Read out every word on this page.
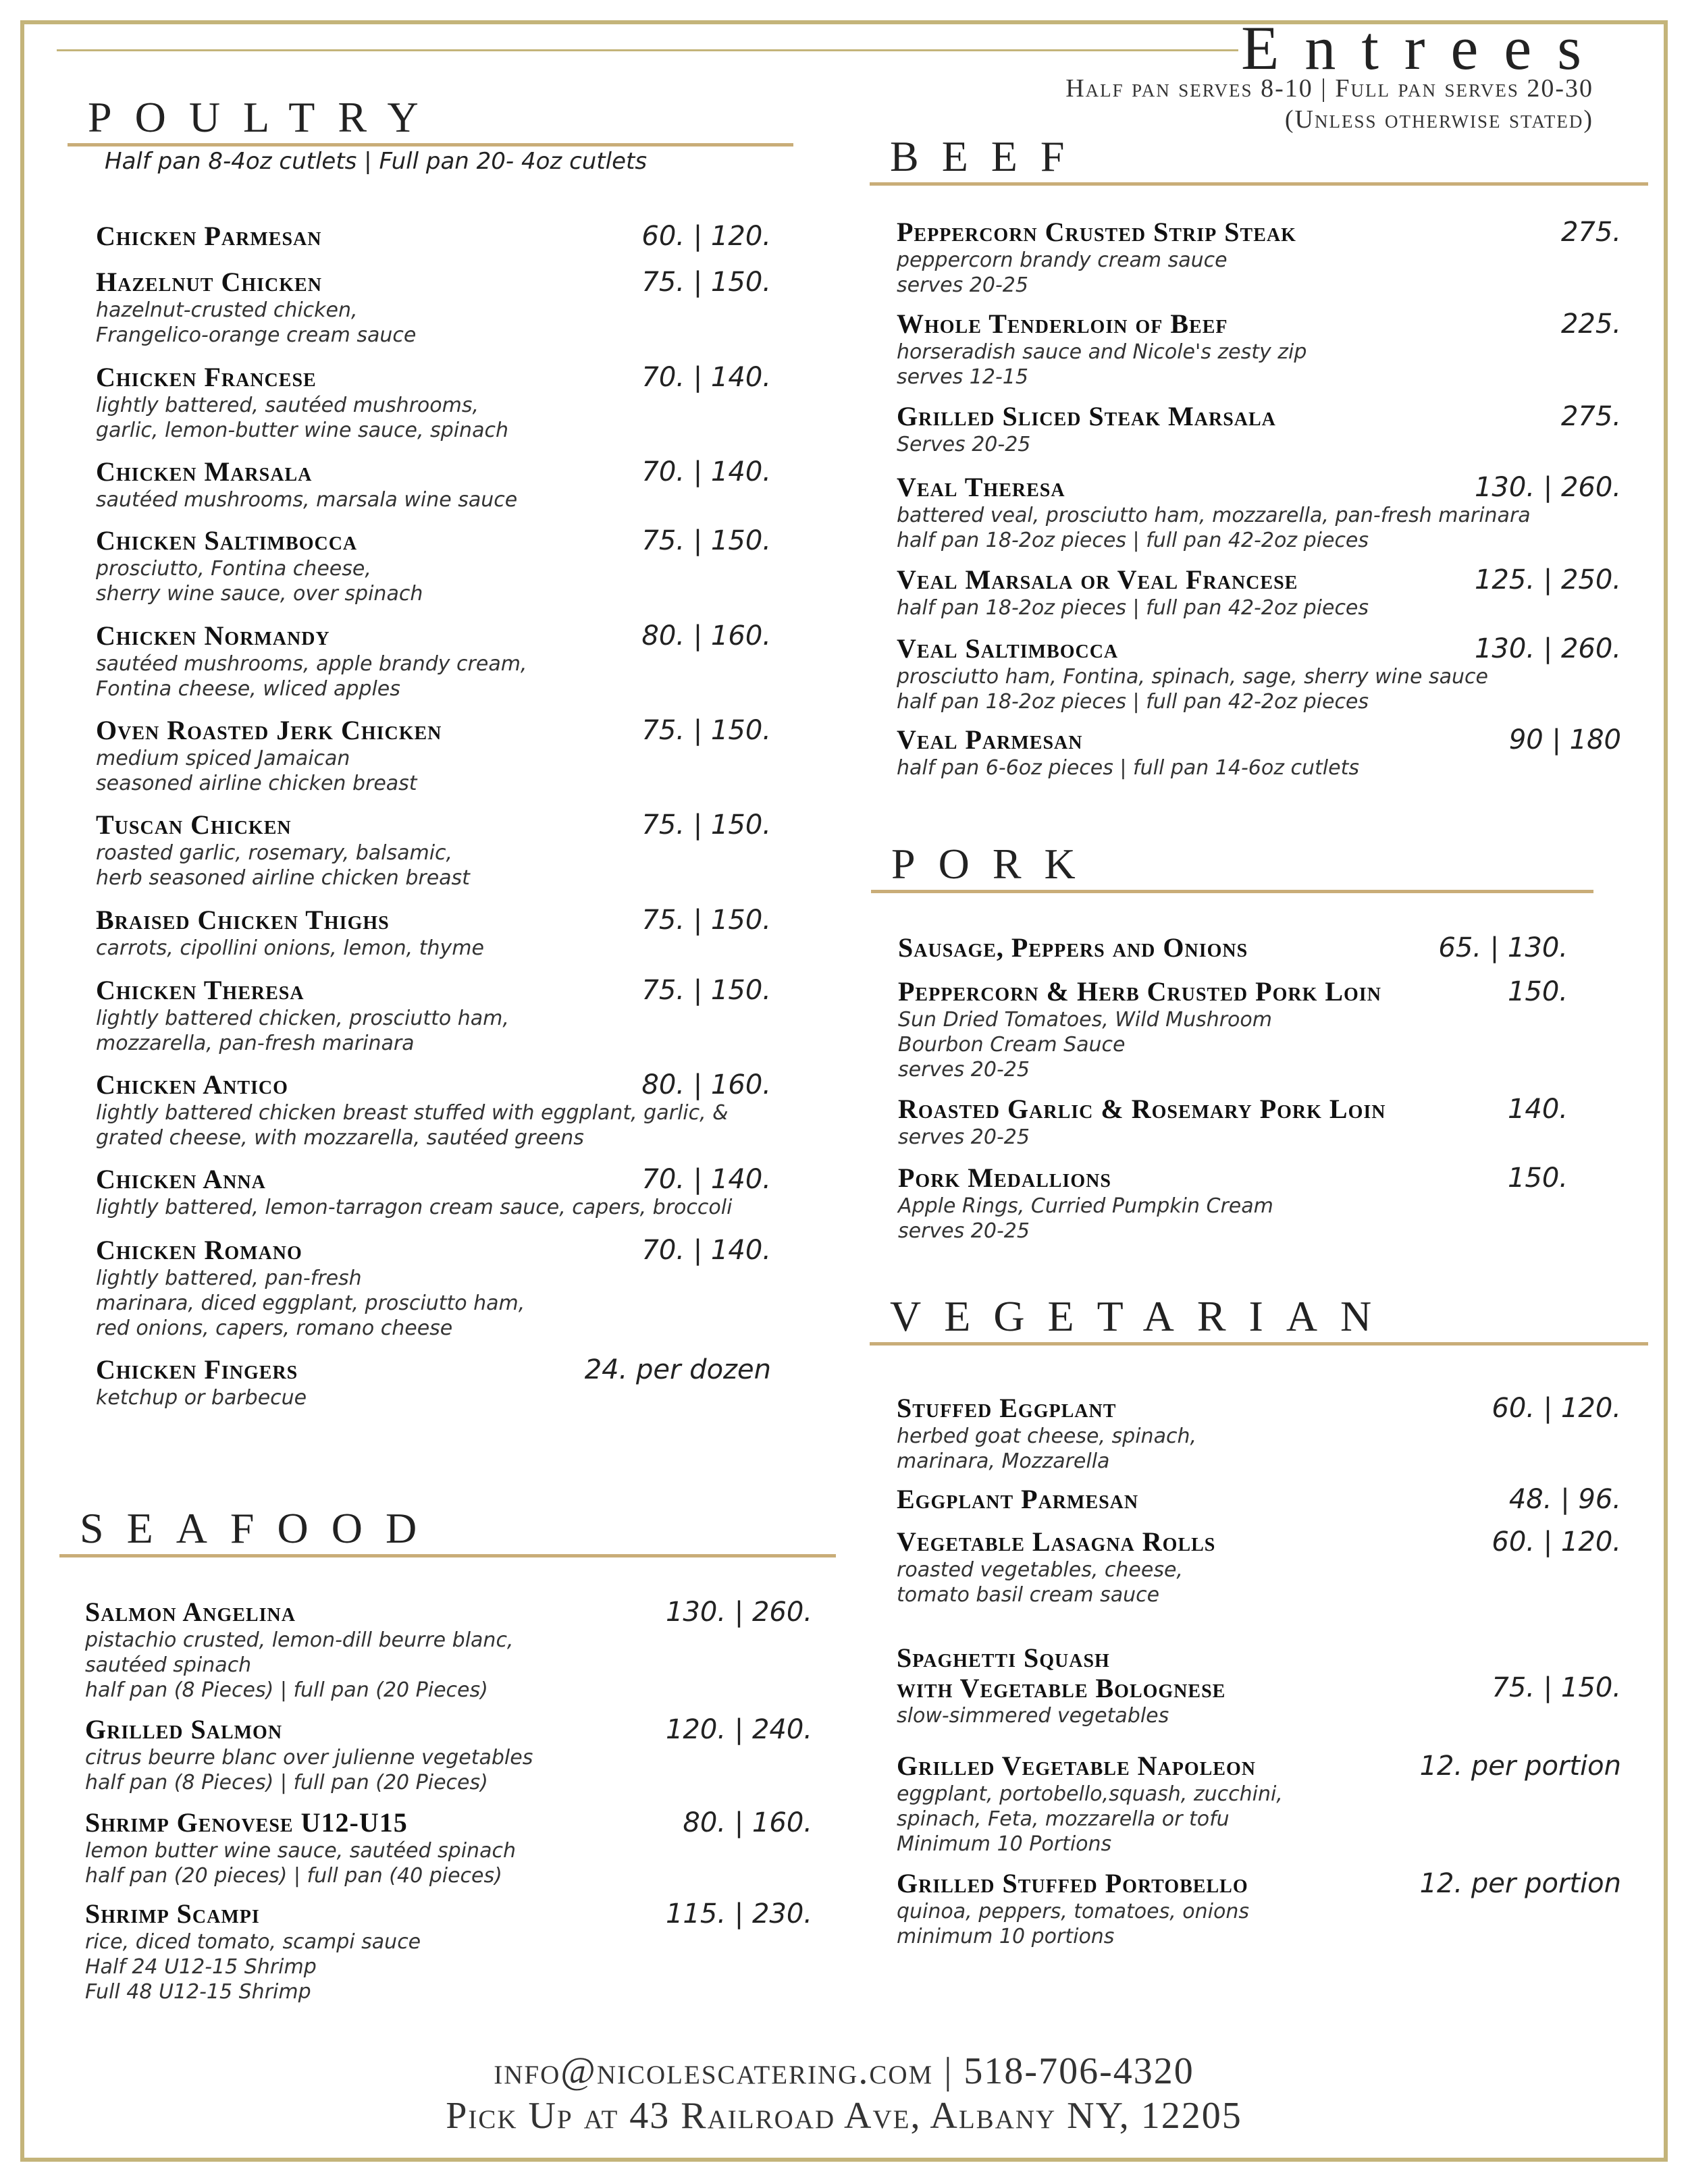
Entrees
Half pan serves 8-10 | Full pan serves 20-30
(Unless otherwise stated)
POULTRY
Half pan 8-4oz cutlets | Full pan 20- 4oz cutlets
Chicken Parmesan	60. | 120.
Hazelnut Chicken	75. | 150.
hazelnut-crusted chicken,
Frangelico-orange cream sauce
Chicken Francese	70. | 140.
lightly battered, sautéed mushrooms,
garlic, lemon-butter wine sauce, spinach
Chicken Marsala	70. | 140.
sautéed mushrooms, marsala wine sauce
Chicken Saltimbocca	75. | 150.
prosciutto, Fontina cheese,
sherry wine sauce, over spinach
Chicken Normandy	80. | 160.
sautéed mushrooms, apple brandy cream,
Fontina cheese, wliced apples
Oven Roasted Jerk Chicken	75. | 150.
medium spiced Jamaican
seasoned airline chicken breast
Tuscan Chicken	75. | 150.
roasted garlic, rosemary, balsamic,
herb seasoned airline chicken breast
Braised Chicken Thighs	75. | 150.
carrots, cipollini onions, lemon, thyme
Chicken Theresa	75. | 150.
lightly battered chicken, prosciutto ham,
mozzarella, pan-fresh marinara
Chicken Antico	80. | 160.
lightly battered chicken breast stuffed with eggplant, garlic, &
grated cheese, with mozzarella, sautéed greens
Chicken Anna	70. | 140.
lightly battered, lemon-tarragon cream sauce, capers, broccoli
Chicken Romano	70. | 140.
lightly battered, pan-fresh
marinara, diced eggplant, prosciutto ham,
red onions, capers, romano cheese
Chicken Fingers	24. per dozen
ketchup or barbecue
SEAFOOD
Salmon Angelina	130. | 260.
pistachio crusted, lemon-dill beurre blanc,
sautéed spinach
half pan (8 Pieces) | full pan (20 Pieces)
Grilled Salmon	120. | 240.
citrus beurre blanc over julienne vegetables
half pan (8 Pieces) | full pan (20 Pieces)
Shrimp Genovese U12-U15	80. | 160.
lemon butter wine sauce, sautéed spinach
half pan (20 pieces) | full pan (40 pieces)
Shrimp Scampi	115. | 230.
rice, diced tomato, scampi sauce
Half 24 U12-15 Shrimp
Full 48 U12-15 Shrimp
BEEF
Peppercorn Crusted Strip Steak	275.
peppercorn brandy cream sauce
serves 20-25
Whole Tenderloin of Beef	225.
horseradish sauce and Nicole's zesty zip
serves 12-15
Grilled Sliced Steak Marsala	275.
Serves 20-25
Veal Theresa	130. | 260.
battered veal, prosciutto ham, mozzarella, pan-fresh marinara
half pan 18-2oz pieces | full pan 42-2oz pieces
Veal Marsala or Veal Francese	125. | 250.
half pan 18-2oz pieces | full pan 42-2oz pieces
Veal Saltimbocca	130. | 260.
prosciutto ham, Fontina, spinach, sage, sherry wine sauce
half pan 18-2oz pieces | full pan 42-2oz pieces
Veal Parmesan	90 | 180
half pan 6-6oz pieces | full pan 14-6oz cutlets
PORK
Sausage, Peppers and Onions	65. | 130.
Peppercorn & Herb Crusted Pork Loin	150.
Sun Dried Tomatoes, Wild Mushroom
Bourbon Cream Sauce
serves 20-25
Roasted Garlic & Rosemary Pork Loin	140.
serves 20-25
Pork Medallions	150.
Apple Rings, Curried Pumpkin Cream
serves 20-25
VEGETARIAN
Stuffed Eggplant	60. | 120.
herbed goat cheese, spinach,
marinara, Mozzarella
Eggplant Parmesan	48. | 96.
Vegetable Lasagna Rolls	60. | 120.
roasted vegetables, cheese,
tomato basil cream sauce
Spaghetti Squash
with Vegetable Bolognese	75. | 150.
slow-simmered vegetables
Grilled Vegetable Napoleon	12. per portion
eggplant, portobello,squash, zucchini,
spinach, Feta, mozzarella or tofu
Minimum 10 Portions
Grilled Stuffed Portobello	12. per portion
quinoa, peppers, tomatoes, onions
minimum 10 portions
info@nicolescatering.com | 518-706-4320
Pick Up at 43 Railroad Ave, Albany NY, 12205
